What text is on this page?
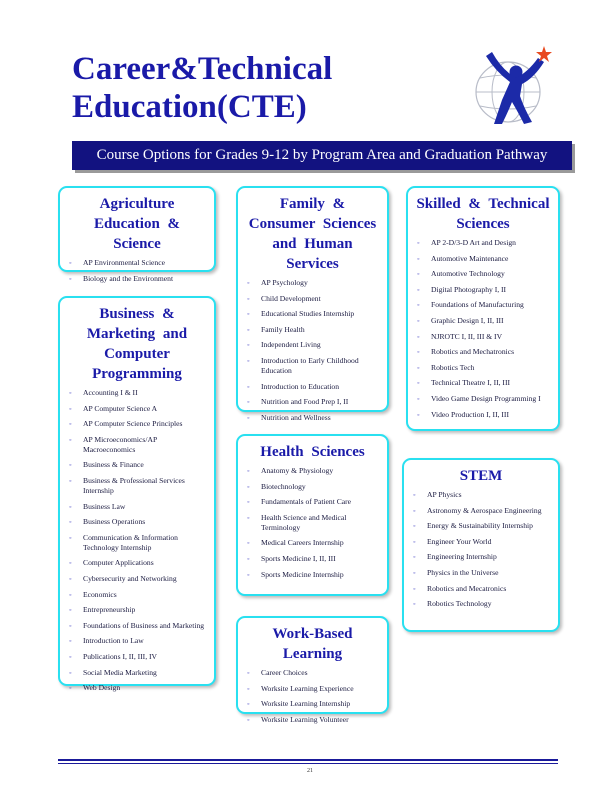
Career& Technical
Education (CTE)
Course Options for Grades 9-12 by Program Area and Graduation Pathway
Agriculture Education & Science
◦ AP Environmental Science
◦ Biology and the Environment
Business & Marketing and Computer Programming
◦ Accounting I & II
◦ AP Computer Science A
◦ AP Computer Science Principles
◦ AP Microeconomics/AP Macroeconomics
◦ Business & Finance
◦ Business & Professional Services Internship
◦ Business Law
◦ Business Operations
◦ Communication & Information Technology Internship
◦ Computer Applications
◦ Cybersecurity and Networking
◦ Economics
◦ Entrepreneurship
◦ Foundations of Business and Marketing
◦ Introduction to Law
◦ Publications I, II, III, IV
◦ Social Media Marketing
◦ Web Design
Family & Consumer Sciences and Human Services
◦ AP Psychology
◦ Child Development
◦ Educational Studies Internship
◦ Family Health
◦ Independent Living
◦ Introduction to Early Childhood Education
◦ Introduction to Education
◦ Nutrition and Food Prep I, II
◦ Nutrition and Wellness
Health Sciences
◦ Anatomy & Physiology
◦ Biotechnology
◦ Fundamentals of Patient Care
◦ Health Science and Medical Terminology
◦ Medical Careers Internship
◦ Sports Medicine I, II, III
◦ Sports Medicine Internship
Work-Based Learning
◦ Career Choices
◦ Worksite Learning Experience
◦ Worksite Learning Internship
◦ Worksite Learning Volunteer
Skilled & Technical Sciences
◦ AP 2-D/3-D Art and Design
◦ Automotive Maintenance
◦ Automotive Technology
◦ Digital Photography I, II
◦ Foundations of Manufacturing
◦ Graphic Design I, II, III
◦ NJROTC I, II, III & IV
◦ Robotics and Mechatronics
◦ Robotics Tech
◦ Technical Theatre I, II, III
◦ Video Game Design Programming I
◦ Video Production I, II, III
STEM
◦ AP Physics
◦ Astronomy & Aerospace Engineering
◦ Energy & Sustainability Internship
◦ Engineer Your World
◦ Engineering Internship
◦ Physics in the Universe
◦ Robotics and Mecatronics
◦ Robotics Technology
21
